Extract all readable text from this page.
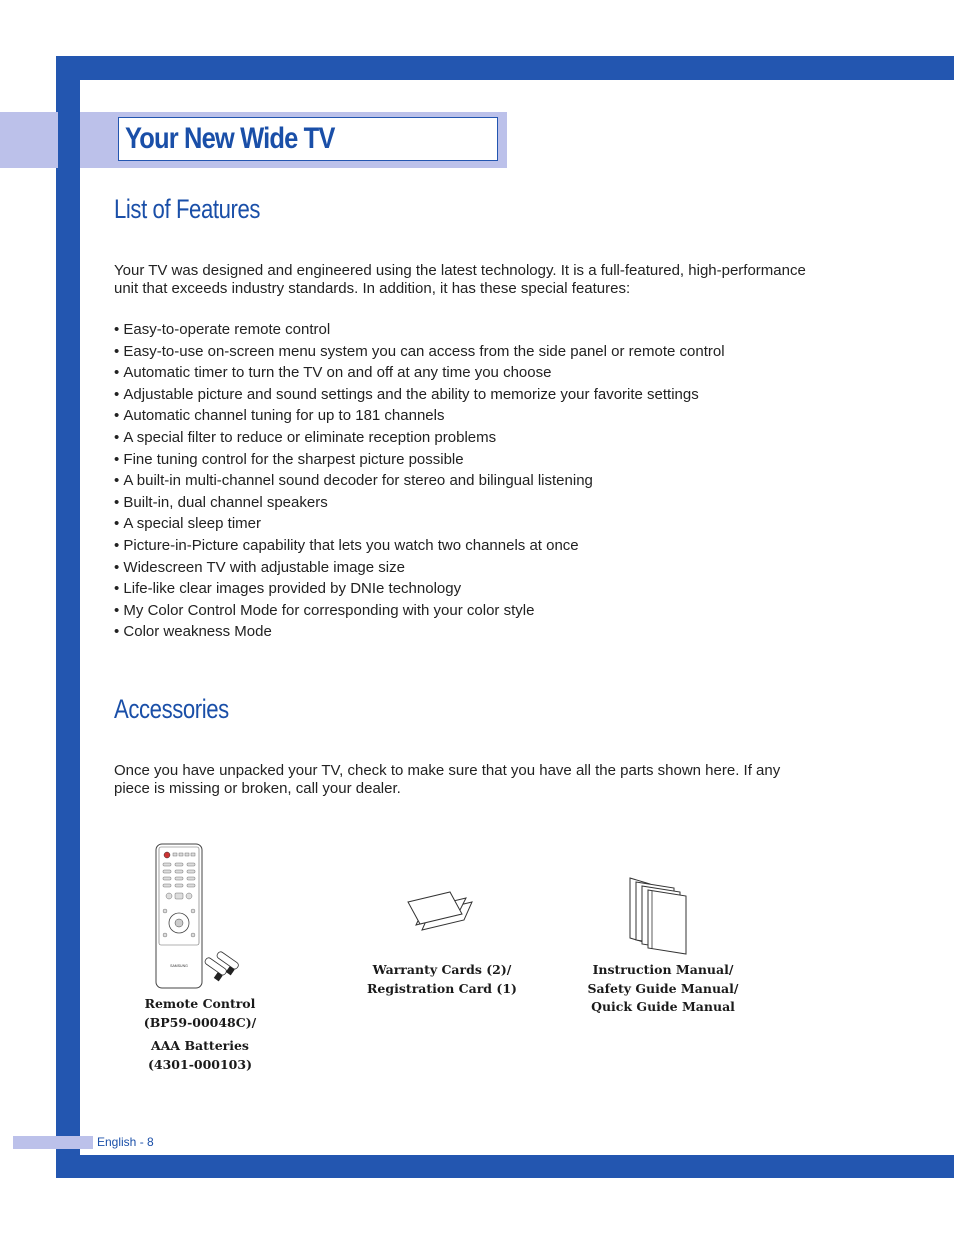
Your New Wide TV
List of Features
Your TV was designed and engineered using the latest technology. It is a full-featured, high-performance
unit that exceeds industry standards. In addition, it has these special features:
• Easy-to-operate remote control
• Easy-to-use on-screen menu system you can access from the side panel or remote control
• Automatic timer to turn the TV on and off at any time you choose
• Adjustable picture and sound settings and the ability to memorize your favorite settings
• Automatic channel tuning for up to 181 channels
• A special filter to reduce or eliminate reception problems
• Fine tuning control for the sharpest picture possible
• A built-in multi-channel sound decoder for stereo and bilingual listening
• Built-in, dual channel speakers
• A special sleep timer
• Picture-in-Picture capability that lets you watch two channels at once
• Widescreen TV with adjustable image size
• Life-like clear images provided by DNIe technology
• My Color Control Mode for corresponding with your color style
• Color weakness Mode
Accessories
Once you have unpacked your TV, check to make sure that you have all the parts shown here. If any
piece is missing or broken, call your dealer.
SAMSUNG
Remote Control
(BP59-00048C)/
AAA Batteries
(4301-000103)
Warranty Cards (2)/
Registration Card (1)
Instruction Manual/
Safety Guide Manual/
Quick Guide Manual
English - 8
